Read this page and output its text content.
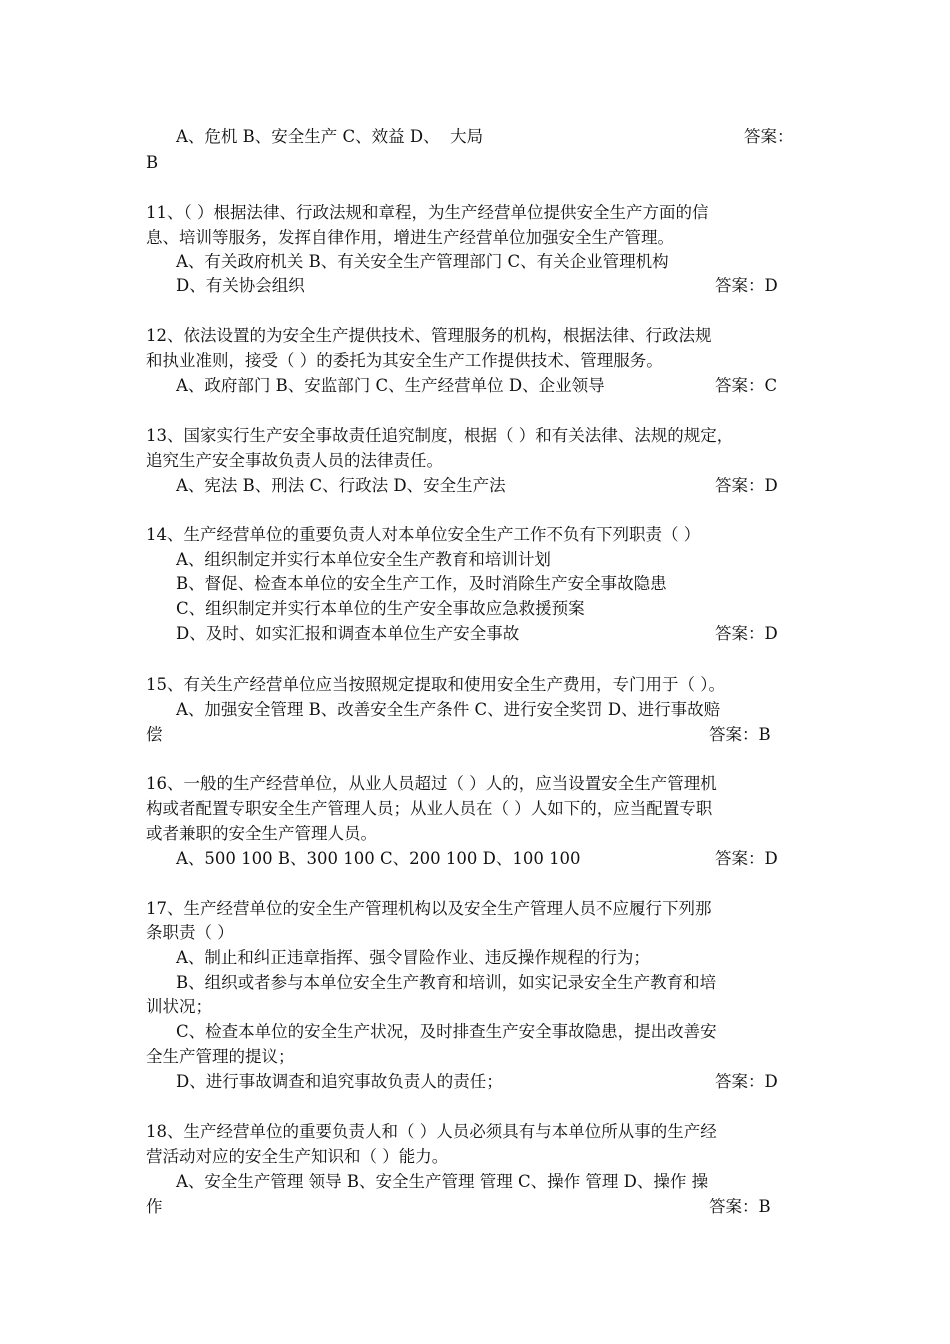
A、危机 B、安全生产 C、效益 D、  大局	答案：
B
11、（ ）根据法律、行政法规和章程，为生产经营单位提供安全生产方面的信
息、培训等服务，发挥自律作用，增进生产经营单位加强安全生产管理。
A、有关政府机关 B、有关安全生产管理部门 C、有关企业管理机构
D、有关协会组织	答案：D
12、依法设置的为安全生产提供技术、管理服务的机构，根据法律、行政法规
和执业准则，接受（ ）的委托为其安全生产工作提供技术、管理服务。
A、政府部门 B、安监部门 C、生产经营单位 D、企业领导	答案：C
13、国家实行生产安全事故责任追究制度，根据（ ）和有关法律、法规的规定，
追究生产安全事故负责人员的法律责任。
A、宪法 B、刑法 C、行政法 D、安全生产法	答案：D
14、生产经营单位的重要负责人对本单位安全生产工作不负有下列职责（ ）
A、组织制定并实行本单位安全生产教育和培训计划
B、督促、检查本单位的安全生产工作，及时消除生产安全事故隐患
C、组织制定并实行本单位的生产安全事故应急救援预案
D、及时、如实汇报和调查本单位生产安全事故	答案：D
15、有关生产经营单位应当按照规定提取和使用安全生产费用，专门用于（ ）。
A、加强安全管理 B、改善安全生产条件 C、进行安全奖罚 D、进行事故赔
偿	答案：B
16、一般的生产经营单位，从业人员超过（ ）人的，应当设置安全生产管理机
构或者配置专职安全生产管理人员；从业人员在（ ）人如下的，应当配置专职
或者兼职的安全生产管理人员。
A、500 100 B、300 100 C、200 100 D、100 100	答案：D
17、生产经营单位的安全生产管理机构以及安全生产管理人员不应履行下列那
条职责（ ）
A、制止和纠正违章指挥、强令冒险作业、违反操作规程的行为；
B、组织或者参与本单位安全生产教育和培训，如实记录安全生产教育和培
训状况；
C、检查本单位的安全生产状况，及时排查生产安全事故隐患，提出改善安
全生产管理的提议；
D、进行事故调查和追究事故负责人的责任；	答案：D
18、生产经营单位的重要负责人和（ ）人员必须具有与本单位所从事的生产经
营活动对应的安全生产知识和（ ）能力。
A、安全生产管理 领导 B、安全生产管理 管理 C、操作 管理 D、操作 操
作	答案：B
